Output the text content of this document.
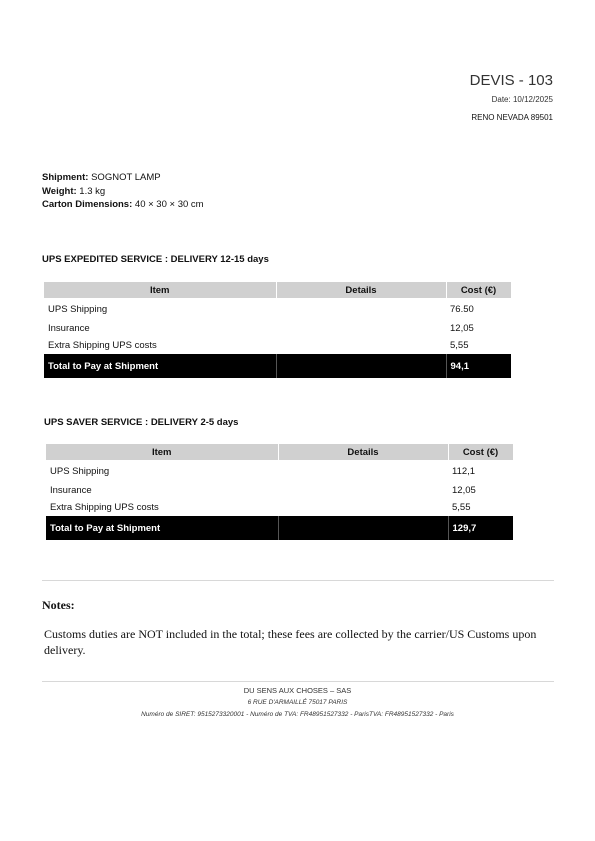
DEVIS - 103
Date: 10/12/2025
RENO NEVADA 89501
Shipment: SOGNOT LAMP
Weight: 1.3 kg
Carton Dimensions: 40 × 30 × 30 cm
UPS EXPEDITED SERVICE : DELIVERY 12-15 days
Item	Details	Cost (€)
UPS Shipping		76.50
Insurance		12,05
Extra Shipping UPS costs		5,55
Total to Pay at Shipment		94,1
UPS SAVER SERVICE : DELIVERY 2-5 days
Item	Details	Cost (€)
UPS Shipping		112,1
Insurance		12,05
Extra Shipping UPS costs		5,55
Total to Pay at Shipment		129,7
Notes:
Customs duties are NOT included in the total; these fees are collected by the carrier/US Customs upon delivery.
DU SENS AUX CHOSES – SAS
6 RUE D'ARMAILLÉ 75017 PARIS
Numéro de SIRET: 9515273320001 - Numéro de TVA: FR48951527332 - ParisTVA: FR48951527332 - Paris
